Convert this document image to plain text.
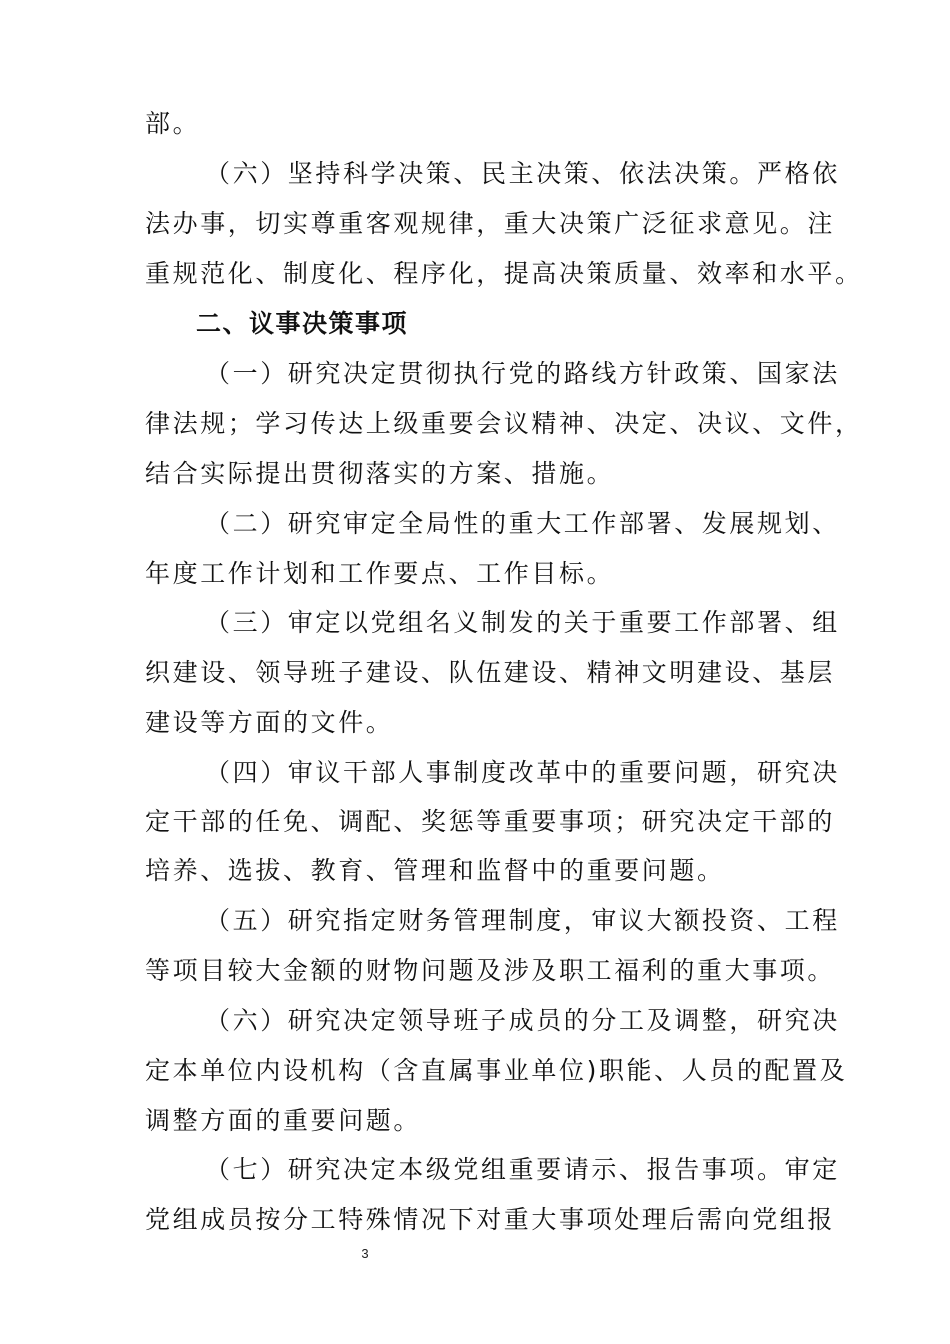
部。
（六）坚持科学决策、民主决策、依法决策。严格依
法办事，切实尊重客观规律，重大决策广泛征求意见。注
重规范化、制度化、程序化，提高决策质量、效率和水平。
二、议事决策事项
（一）研究决定贯彻执行党的路线方针政策、国家法
律法规；学习传达上级重要会议精神、决定、决议、文件，
结合实际提出贯彻落实的方案、措施。
（二）研究审定全局性的重大工作部署、发展规划、
年度工作计划和工作要点、工作目标。
（三）审定以党组名义制发的关于重要工作部署、组
织建设、领导班子建设、队伍建设、精神文明建设、基层
建设等方面的文件。
（四）审议干部人事制度改革中的重要问题，研究决
定干部的任免、调配、奖惩等重要事项；研究决定干部的
培养、选拔、教育、管理和监督中的重要问题。
（五）研究指定财务管理制度，审议大额投资、工程
等项目较大金额的财物问题及涉及职工福利的重大事项。
（六）研究决定领导班子成员的分工及调整，研究决
定本单位内设机构（含直属事业单位)职能、人员的配置及
调整方面的重要问题。
（七）研究决定本级党组重要请示、报告事项。审定
党组成员按分工特殊情况下对重大事项处理后需向党组报
3
